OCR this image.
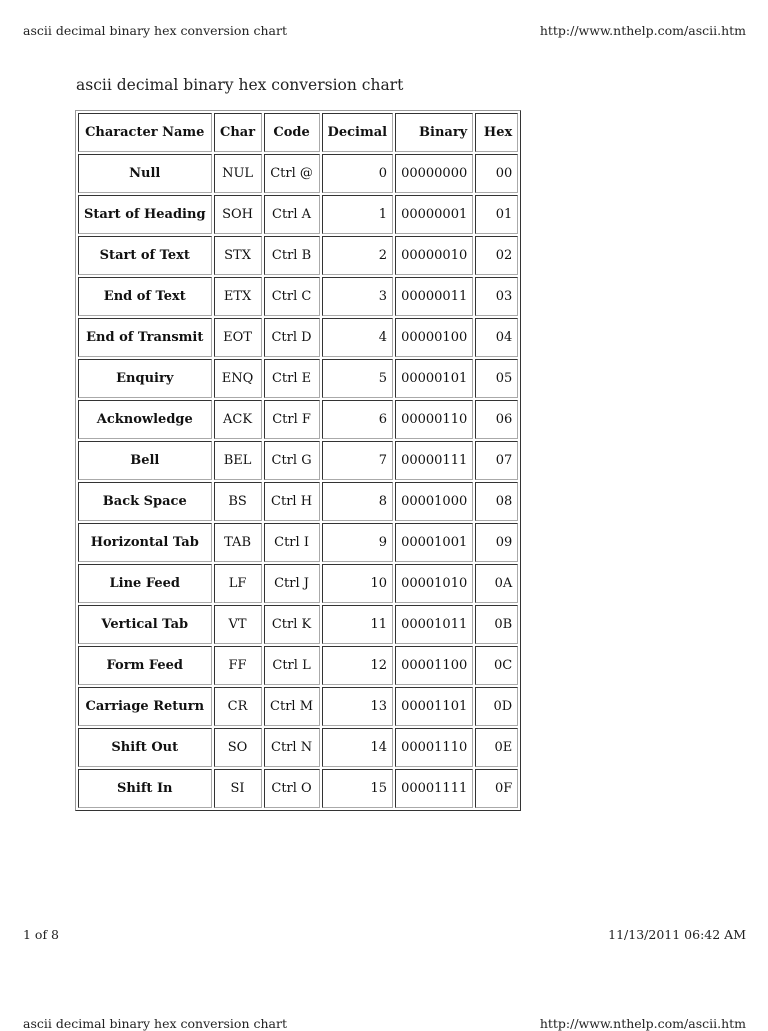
ascii decimal binary hex conversion chart	http://www.nthelp.com/ascii.htm
ascii decimal binary hex conversion chart
Character Name	Char	Code	Decimal	Binary	Hex
Null	NUL	Ctrl @	0	00000000	00
Start of Heading	SOH	Ctrl A	1	00000001	01
Start of Text	STX	Ctrl B	2	00000010	02
End of Text	ETX	Ctrl C	3	00000011	03
End of Transmit	EOT	Ctrl D	4	00000100	04
Enquiry	ENQ	Ctrl E	5	00000101	05
Acknowledge	ACK	Ctrl F	6	00000110	06
Bell	BEL	Ctrl G	7	00000111	07
Back Space	BS	Ctrl H	8	00001000	08
Horizontal Tab	TAB	Ctrl I	9	00001001	09
Line Feed	LF	Ctrl J	10	00001010	0A
Vertical Tab	VT	Ctrl K	11	00001011	0B
Form Feed	FF	Ctrl L	12	00001100	0C
Carriage Return	CR	Ctrl M	13	00001101	0D
Shift Out	SO	Ctrl N	14	00001110	0E
Shift In	SI	Ctrl O	15	00001111	0F
1 of 8	11/13/2011 06:42 AM
ascii decimal binary hex conversion chart	http://www.nthelp.com/ascii.htm
